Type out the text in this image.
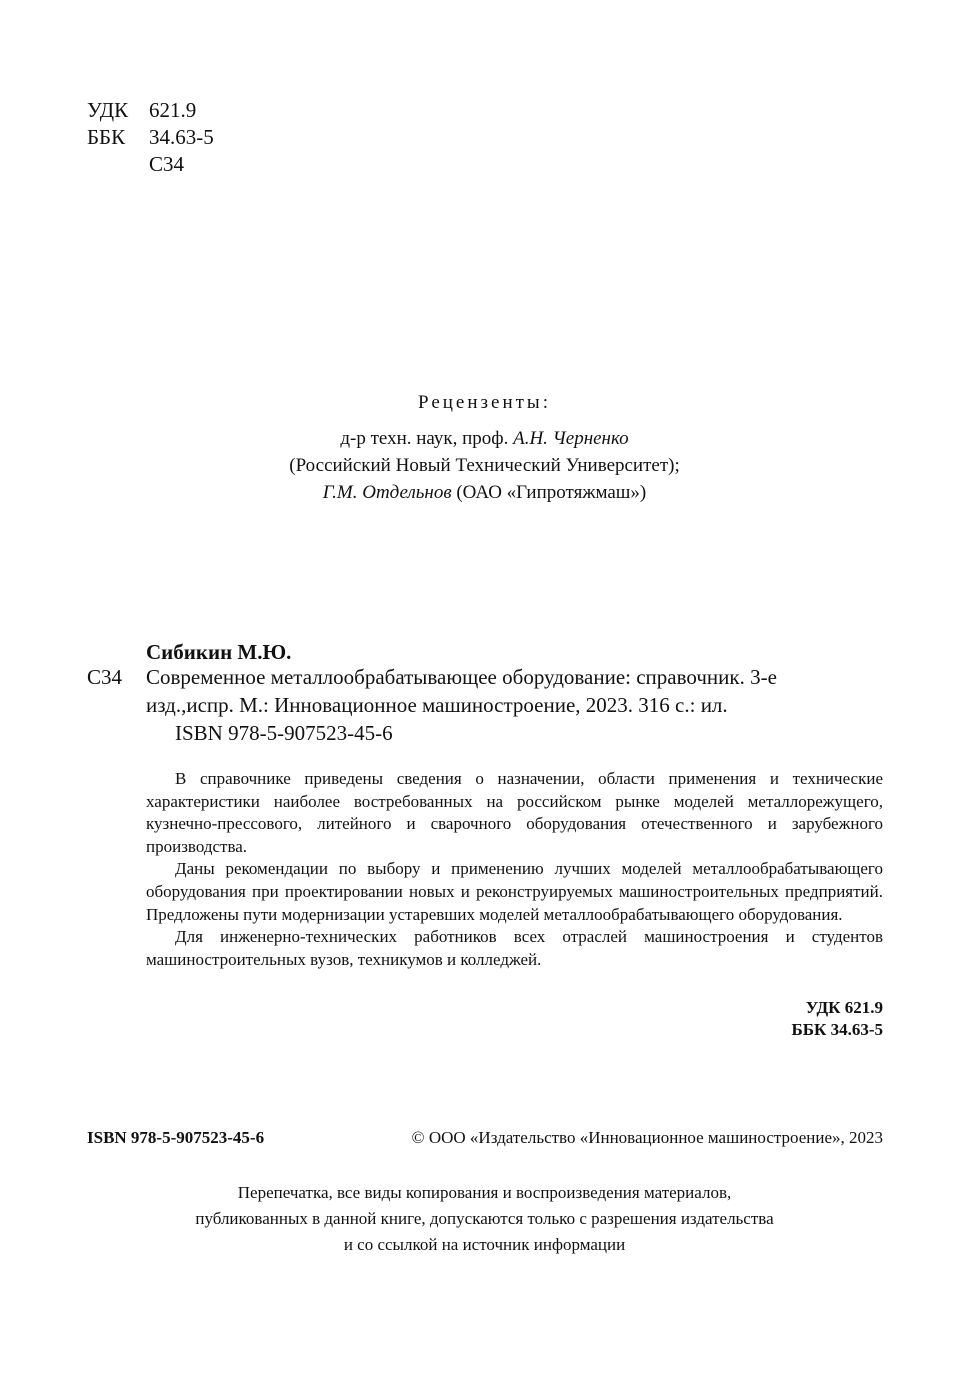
УДК 621.9
ББК	34.63-5
С34
Рецензенты:
д-р техн. наук, проф. А.Н. Черненко
(Российский Новый Технический Университет);
Г.М. Отдельнов (ОАО «Гипротяжмаш»)
Сибикин М.Ю.
С34 Современное металлообрабатывающее оборудование: справочник. 3-е
изд.,испр. М.: Инновационное машиностроение, 2023. 316 с.: ил.
ISBN 978-5-907523-45-6

В справочнике приведены сведения о назначении, области применения и технические характеристики наиболее востребованных на российском рынке моделей металлорежущего, кузнечно-прессового, литейного и сварочного оборудования отечественного и зарубежного производства.

Даны рекомендации по выбору и применению лучших моделей металлообрабатывающего оборудования при проектировании новых и реконструируемых машиностроительных предприятий. Предложены пути модернизации устаревших моделей металлообрабатывающего оборудования.

Для инженерно-технических работников всех отраслей машиностроения и студентов машиностроительных вузов, техникумов и колледжей.

УДК 621.9
ББК 34.63-5
ISBN 978-5-907523-45-6	© ООО «Издательство «Инновационное машиностроение», 2023
Перепечатка, все виды копирования и воспроизведения материалов,
публикованных в данной книге, допускаются только с разрешения издательства
и со ссылкой на источник информации
